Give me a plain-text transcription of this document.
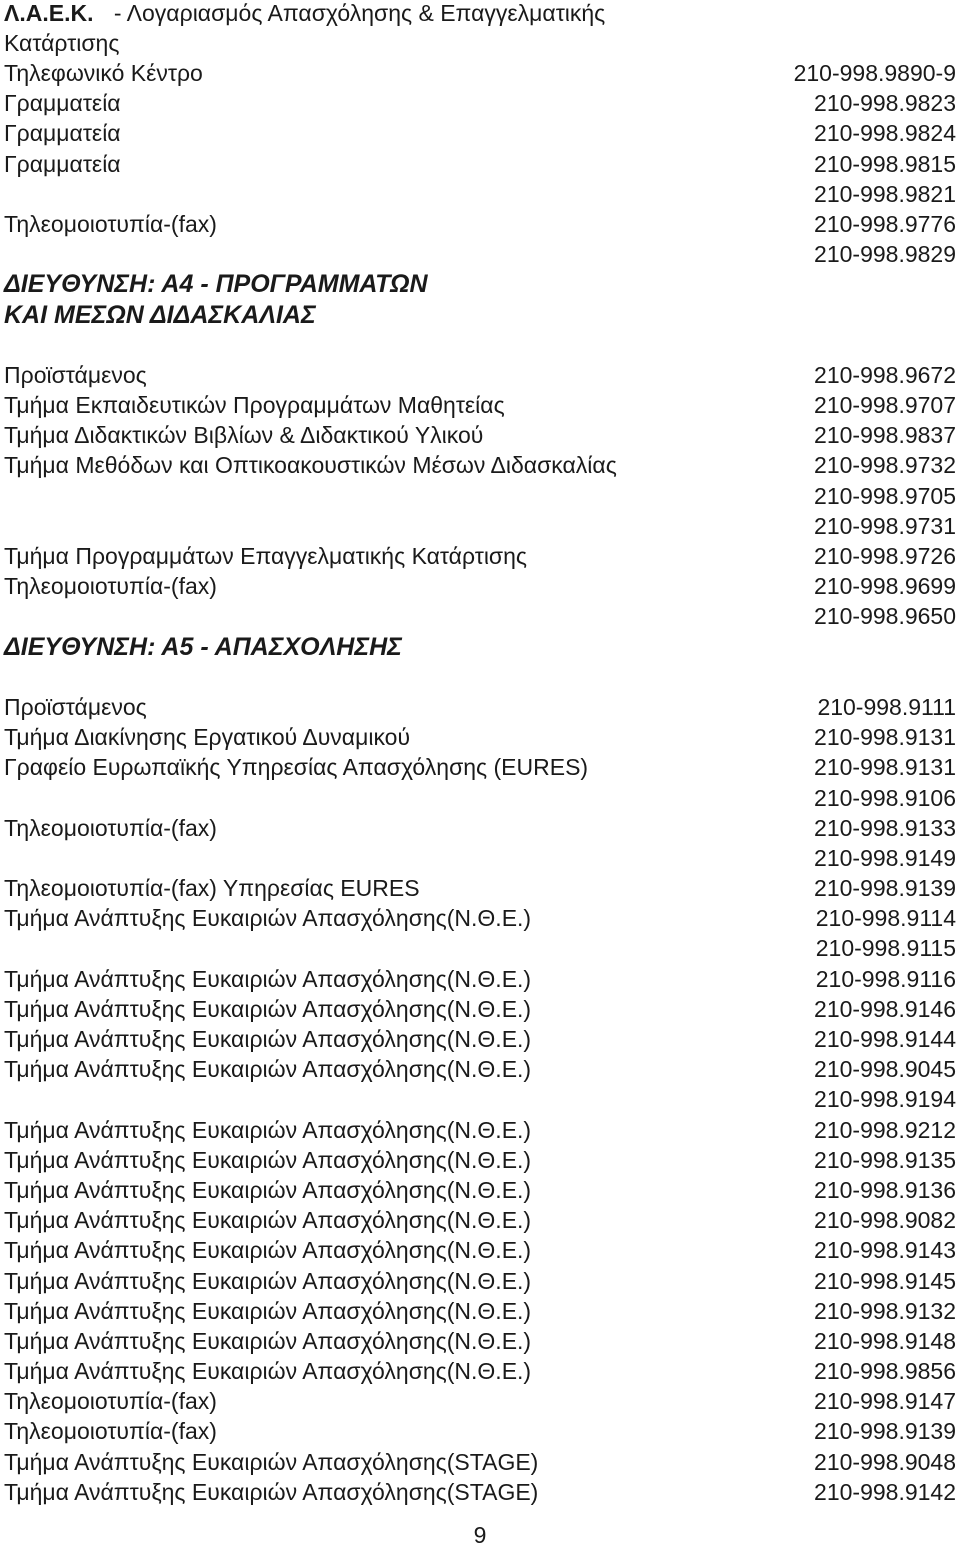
Λ.Α.Ε.Κ. - Λογαριασμός Απασχόλησης & Επαγγελματικής
Κατάρτισης
Τηλεφωνικό Κέντρο	210-998.9890-9
Γραμματεία	210-998.9823
Γραμματεία	210-998.9824
Γραμματεία	210-998.9815
210-998.9821
Τηλεομοιοτυπία-(fax)	210-998.9776
210-998.9829
ΔΙΕΥΘΥΝΣΗ: Α4 - ΠΡΟΓΡΑΜΜΑΤΩΝ
ΚΑΙ ΜΕΣΩΝ ΔΙΔΑΣΚΑΛΙΑΣ
Προϊστάμενος	210-998.9672
Τμήμα Εκπαιδευτικών Προγραμμάτων Μαθητείας	210-998.9707
Τμήμα Διδακτικών Βιβλίων & Διδακτικού Υλικού	210-998.9837
Τμήμα Μεθόδων και Οπτικοακουστικών Μέσων Διδασκαλίας	210-998.9732
210-998.9705
210-998.9731
Τμήμα Προγραμμάτων Επαγγελματικής Κατάρτισης	210-998.9726
Τηλεομοιοτυπία-(fax)	210-998.9699
210-998.9650
ΔΙΕΥΘΥΝΣΗ: Α5 - ΑΠΑΣΧΟΛΗΣΗΣ
Προϊστάμενος	210-998.9111
Τμήμα Διακίνησης Εργατικού Δυναμικού	210-998.9131
Γραφείο Ευρωπαϊκής Υπηρεσίας Απασχόλησης (EURES)	210-998.9131
210-998.9106
Τηλεομοιοτυπία-(fax)	210-998.9133
210-998.9149
Τηλεομοιοτυπία-(fax) Υπηρεσίας EURES	210-998.9139
Τμήμα Ανάπτυξης Ευκαιριών Απασχόλησης(Ν.Θ.Ε.)	210-998.9114
210-998.9115
Τμήμα Ανάπτυξης Ευκαιριών Απασχόλησης(Ν.Θ.Ε.)	210-998.9116
Τμήμα Ανάπτυξης Ευκαιριών Απασχόλησης(Ν.Θ.Ε.)	210-998.9146
Τμήμα Ανάπτυξης Ευκαιριών Απασχόλησης(Ν.Θ.Ε.)	210-998.9144
Τμήμα Ανάπτυξης Ευκαιριών Απασχόλησης(Ν.Θ.Ε.)	210-998.9045
210-998.9194
Τμήμα Ανάπτυξης Ευκαιριών Απασχόλησης(Ν.Θ.Ε.)	210-998.9212
Τμήμα Ανάπτυξης Ευκαιριών Απασχόλησης(Ν.Θ.Ε.)	210-998.9135
Τμήμα Ανάπτυξης Ευκαιριών Απασχόλησης(Ν.Θ.Ε.)	210-998.9136
Τμήμα Ανάπτυξης Ευκαιριών Απασχόλησης(Ν.Θ.Ε.)	210-998.9082
Τμήμα Ανάπτυξης Ευκαιριών Απασχόλησης(Ν.Θ.Ε.)	210-998.9143
Τμήμα Ανάπτυξης Ευκαιριών Απασχόλησης(Ν.Θ.Ε.)	210-998.9145
Τμήμα Ανάπτυξης Ευκαιριών Απασχόλησης(Ν.Θ.Ε.)	210-998.9132
Τμήμα Ανάπτυξης Ευκαιριών Απασχόλησης(Ν.Θ.Ε.)	210-998.9148
Τμήμα Ανάπτυξης Ευκαιριών Απασχόλησης(Ν.Θ.Ε.)	210-998.9856
Τηλεομοιοτυπία-(fax)	210-998.9147
Τηλεομοιοτυπία-(fax)	210-998.9139
Τμήμα Ανάπτυξης Ευκαιριών Απασχόλησης(STAGE)	210-998.9048
Τμήμα Ανάπτυξης Ευκαιριών Απασχόλησης(STAGE)	210-998.9142
9
